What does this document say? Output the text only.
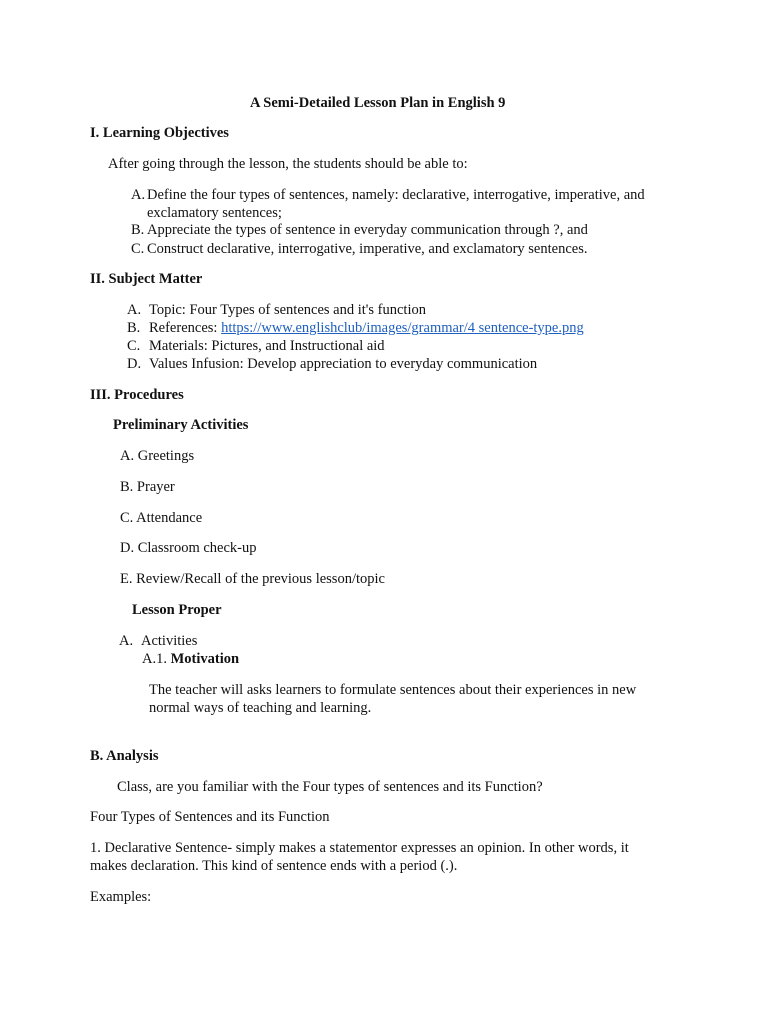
A Semi-Detailed Lesson Plan in English 9
I. Learning Objectives
After going through the lesson, the students should be able to:
A. Define the four types of sentences, namely: declarative, interrogative, imperative, and
exclamatory sentences;
B. Appreciate the types of sentence in everyday communication through ?, and
C. Construct declarative, interrogative, imperative, and exclamatory sentences.
II. Subject Matter
A. Topic: Four Types of sentences and it's function
B. References: https://www.englishclub/images/grammar/4 sentence-type.png
C. Materials: Pictures, and Instructional aid
D. Values Infusion: Develop appreciation to everyday communication
III. Procedures
Preliminary Activities
A. Greetings
B. Prayer
C. Attendance
D. Classroom check-up
E. Review/Recall of the previous lesson/topic
Lesson Proper
A. Activities
A.1. Motivation
The teacher will asks learners to formulate sentences about their experiences in new
normal ways of teaching and learning.
B. Analysis
Class, are you familiar with the Four types of sentences and its Function?
Four Types of Sentences and its Function
1. Declarative Sentence- simply makes a statementor expresses an opinion. In other words, it
makes declaration. This kind of sentence ends with a period (.).
Examples:
